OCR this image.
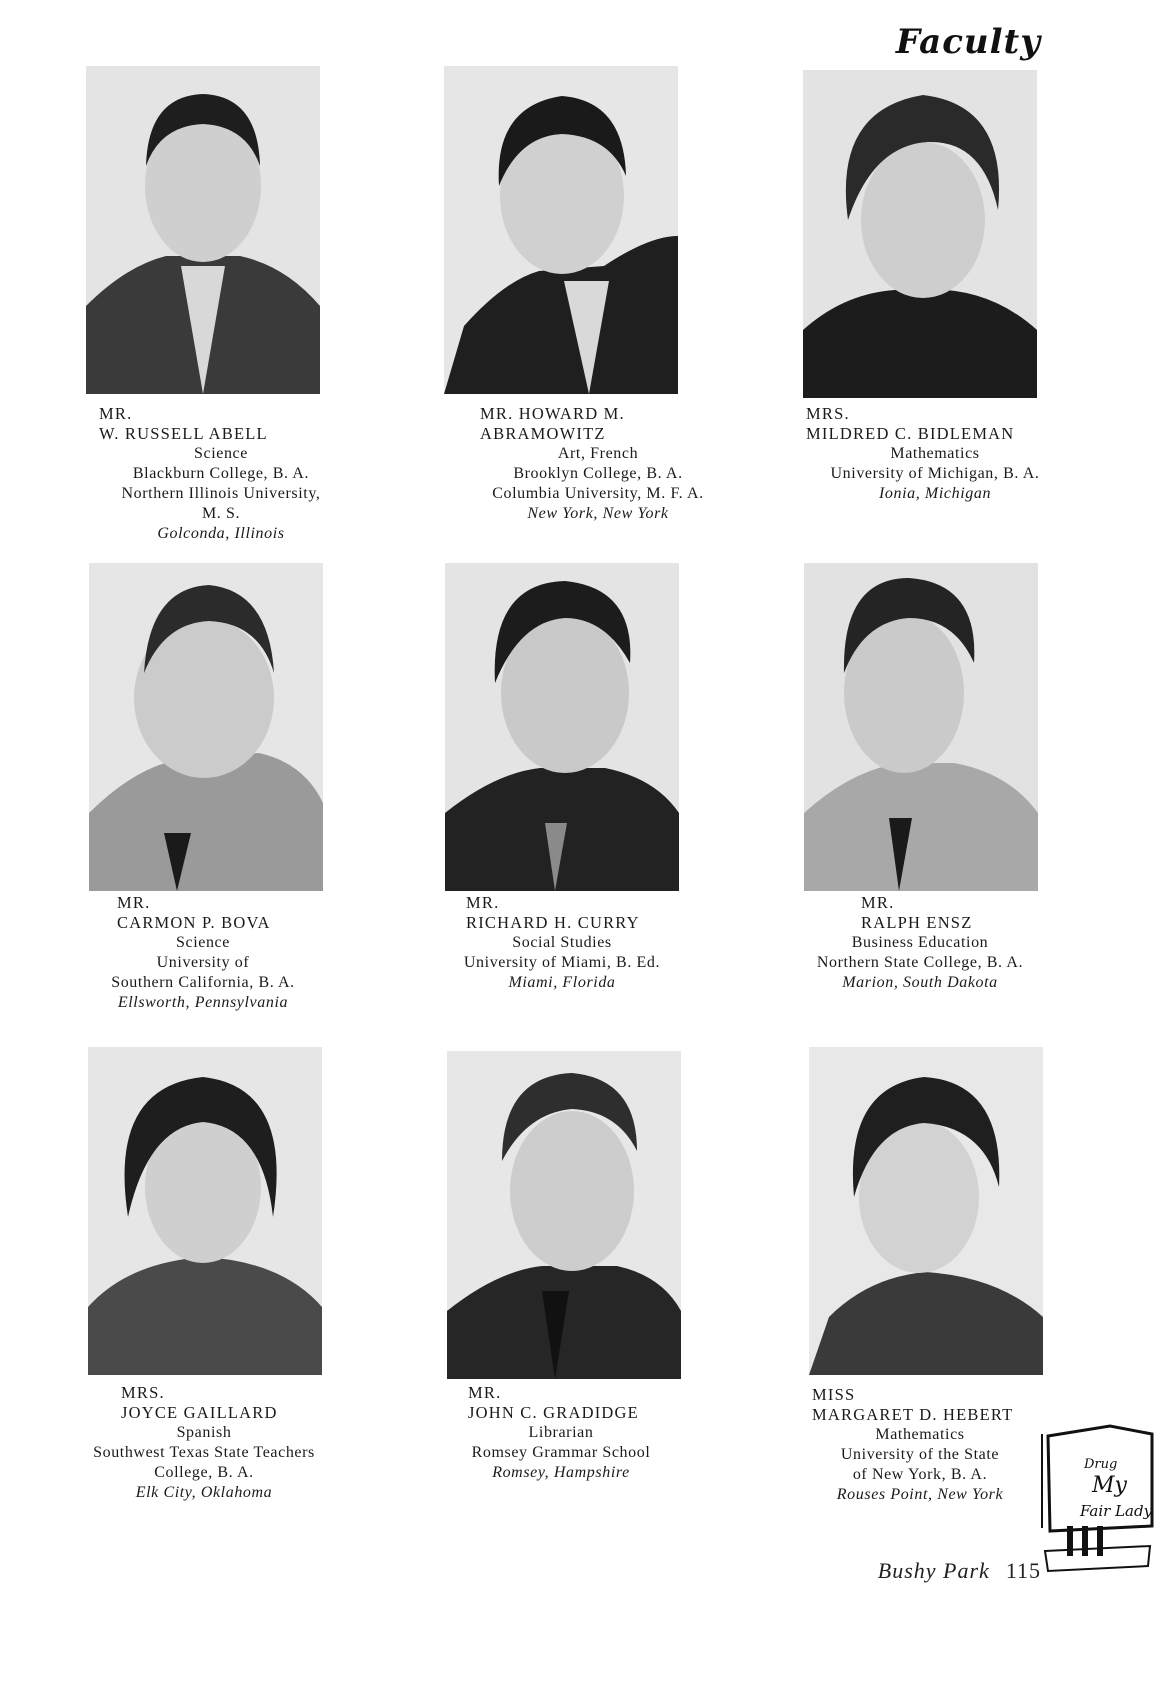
Faculty
MR.
W. RUSSELL ABELL
Science
Blackburn College, B. A.
Northern Illinois University,
M. S.
Golconda, Illinois
MR. HOWARD M.
ABRAMOWITZ
Art, French
Brooklyn College, B. A.
Columbia University, M. F. A.
New York, New York
MRS.
MILDRED C. BIDLEMAN
Mathematics
University of Michigan, B. A.
Ionia, Michigan
MR.
CARMON P. BOVA
Science
University of
Southern California, B. A.
Ellsworth, Pennsylvania
MR.
RICHARD H. CURRY
Social Studies
University of Miami, B. Ed.
Miami, Florida
MR.
RALPH ENSZ
Business Education
Northern State College, B. A.
Marion, South Dakota
MRS.
JOYCE GAILLARD
Spanish
Southwest Texas State Teachers
College, B. A.
Elk City, Oklahoma
MR.
JOHN C. GRADIDGE
Librarian
Romsey Grammar School
Romsey, Hampshire
MISS
MARGARET D. HEBERT
Mathematics
University of the State
of New York, B. A.
Rouses Point, New York
Drug
My
Fair Lady
Bushy Park 115
